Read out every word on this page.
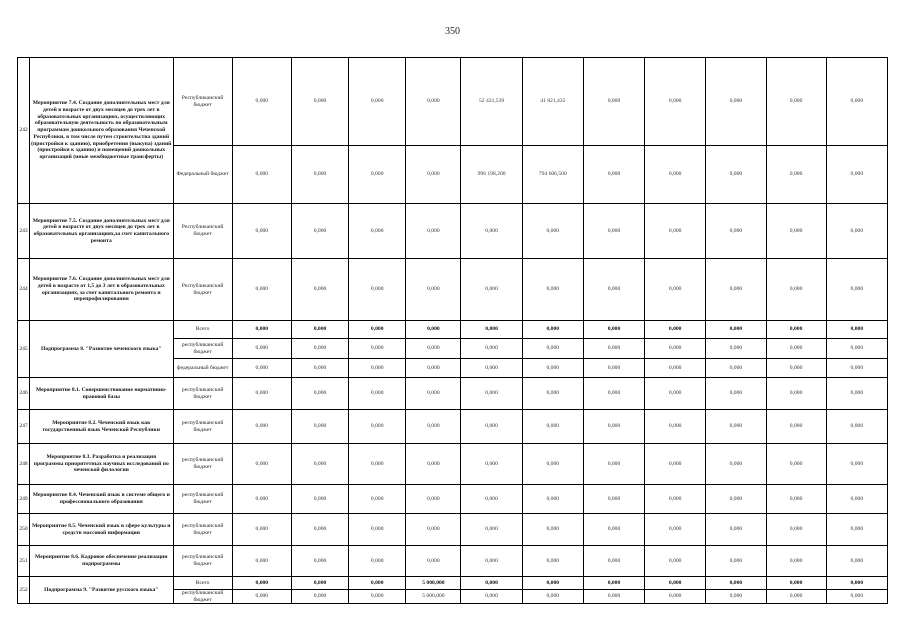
350
242	Мероприятие 7.4. Создание дополнительных мест для детей в возрасте от двух месяцев до трех лет в образовательных организациях, осуществляющих образовательную деятельность по образовательным программам дошкольного образования Чеченской Республики, в том числе путем строительства зданий (пристройки к зданию), приобретения (выкупа) зданий (пристройки к зданию) и помещений дошкольных организаций (иные межбюджетные трансферты)	Республиканский бюджет	0,000	0,000	0,000	0,000	52 431,539	41 821,435	0,000	0,000	0,000	0,000	0,000
		Федеральный бюджет	0,000	0,000	0,000	0,000	996 198,200	794 606,500	0,000	0,000	0,000	0,000	0,000
243	Мероприятие 7.5. Создание дополнительных мест для детей в возрасте от двух месяцев до трех лет в образовательных организациях,за счет капитального ремонта	Республиканский бюджет	0,000	0,000	0,000	0,000	0,000	0,000	0,000	0,000	0,000	0,000	0,000
244	Мероприятие 7.6. Создание дополнительных мест для детей в возрасте от 1,5 до 3 лет в образовательных организациях, за счет капитального ремонта и перепрофилирования	Республиканский бюджет	0,000	0,000	0,000	0,000	0,000	0,000	0,000	0,000	0,000	0,000	0,000
245	Подпрограмма 8. "Развитие чеченского языка"	Всего	0,000	0,000	0,000	0,000	0,000	0,000	0,000	0,000	0,000	0,000	0,000
		республиканский бюджет	0,000	0,000	0,000	0,000	0,000	0,000	0,000	0,000	0,000	0,000	0,000
		федеральный бюджет	0,000	0,000	0,000	0,000	0,000	0,000	0,000	0,000	0,000	0,000	0,000
246	Мероприятие 8.1. Совершенствование нормативно-правовой базы	республиканский бюджет	0,000	0,000	0,000	0,000	0,000	0,000	0,000	0,000	0,000	0,000	0,000
247	Мероприятие 8.2. Чеченский язык как государственный язык Чеченской Республики	республиканский бюджет	0,000	0,000	0,000	0,000	0,000	0,000	0,000	0,000	0,000	0,000	0,000
248	Мероприятие 8.3. Разработка и реализация программы приоритетных научных исследований по чеченской филологии	республиканский бюджет	0,000	0,000	0,000	0,000	0,000	0,000	0,000	0,000	0,000	0,000	0,000
249	Мероприятие 8.4. Чеченский язык в системе общего и профессионального образования	республиканский бюджет	0,000	0,000	0,000	0,000	0,000	0,000	0,000	0,000	0,000	0,000	0,000
250	Мероприятие 8.5. Чеченский язык в сфере культуры и средств массовой информации	республиканский бюджет	0,000	0,000	0,000	0,000	0,000	0,000	0,000	0,000	0,000	0,000	0,000
251	Мероприятие 8.6. Кадровое обеспечение реализации подпрограммы	республиканский бюджет	0,000	0,000	0,000	0,000	0,000	0,000	0,000	0,000	0,000	0,000	0,000
252	Подпрограмма 9. "Развитие русского языка"	Всего	0,000	0,000	0,000	5 000,000	0,000	0,000	0,000	0,000	0,000	0,000	0,000
		республиканский бюджет	0,000	0,000	0,000	5 000,000	0,000	0,000	0,000	0,000	0,000	0,000	0,000
